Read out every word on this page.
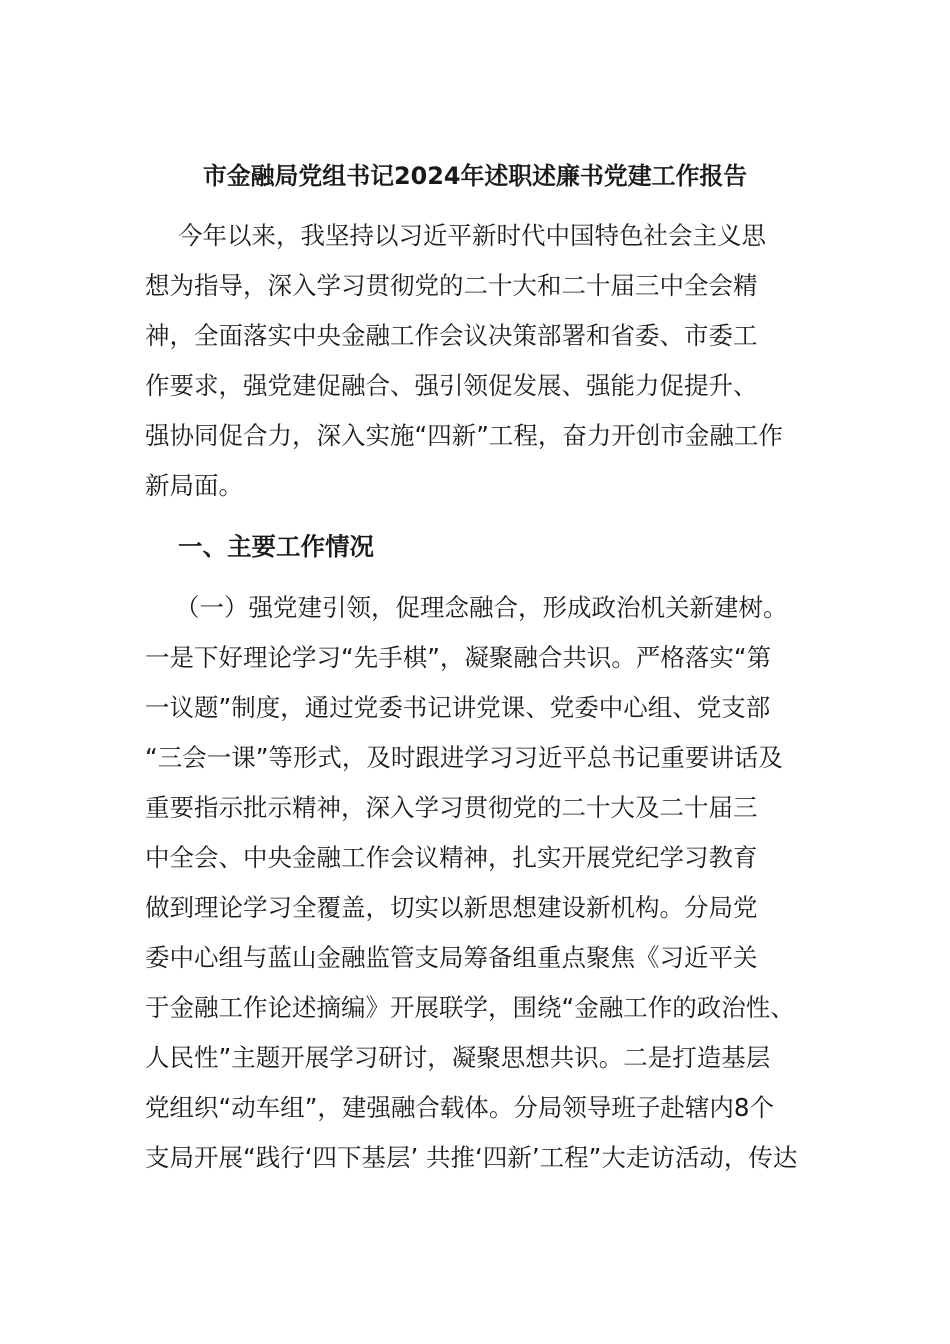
市金融局党组书记2024年述职述廉书党建工作报告
今年以来，我坚持以习近平新时代中国特色社会主义思
想为指导，深入学习贯彻党的二十大和二十届三中全会精
神，全面落实中央金融工作会议决策部署和省委、市委工
作要求，强党建促融合、强引领促发展、强能力促提升、
强协同促合力，深入实施“四新”工程，奋力开创市金融工作
新局面。
一、主要工作情况
（一）强党建引领，促理念融合，形成政治机关新建树。
一是下好理论学习“先手棋”，凝聚融合共识。严格落实“第
一议题”制度，通过党委书记讲党课、党委中心组、党支部
“三会一课”等形式，及时跟进学习习近平总书记重要讲话及
重要指示批示精神，深入学习贯彻党的二十大及二十届三
中全会、中央金融工作会议精神，扎实开展党纪学习教育
做到理论学习全覆盖，切实以新思想建设新机构。分局党
委中心组与蓝山金融监管支局筹备组重点聚焦《习近平关
于金融工作论述摘编》开展联学，围绕“金融工作的政治性、
人民性”主题开展学习研讨，凝聚思想共识。二是打造基层
党组织“动车组”，建强融合载体。分局领导班子赴辖内8个
支局开展“践行‘四下基层’ 共推‘四新’工程”大走访活动，传达
